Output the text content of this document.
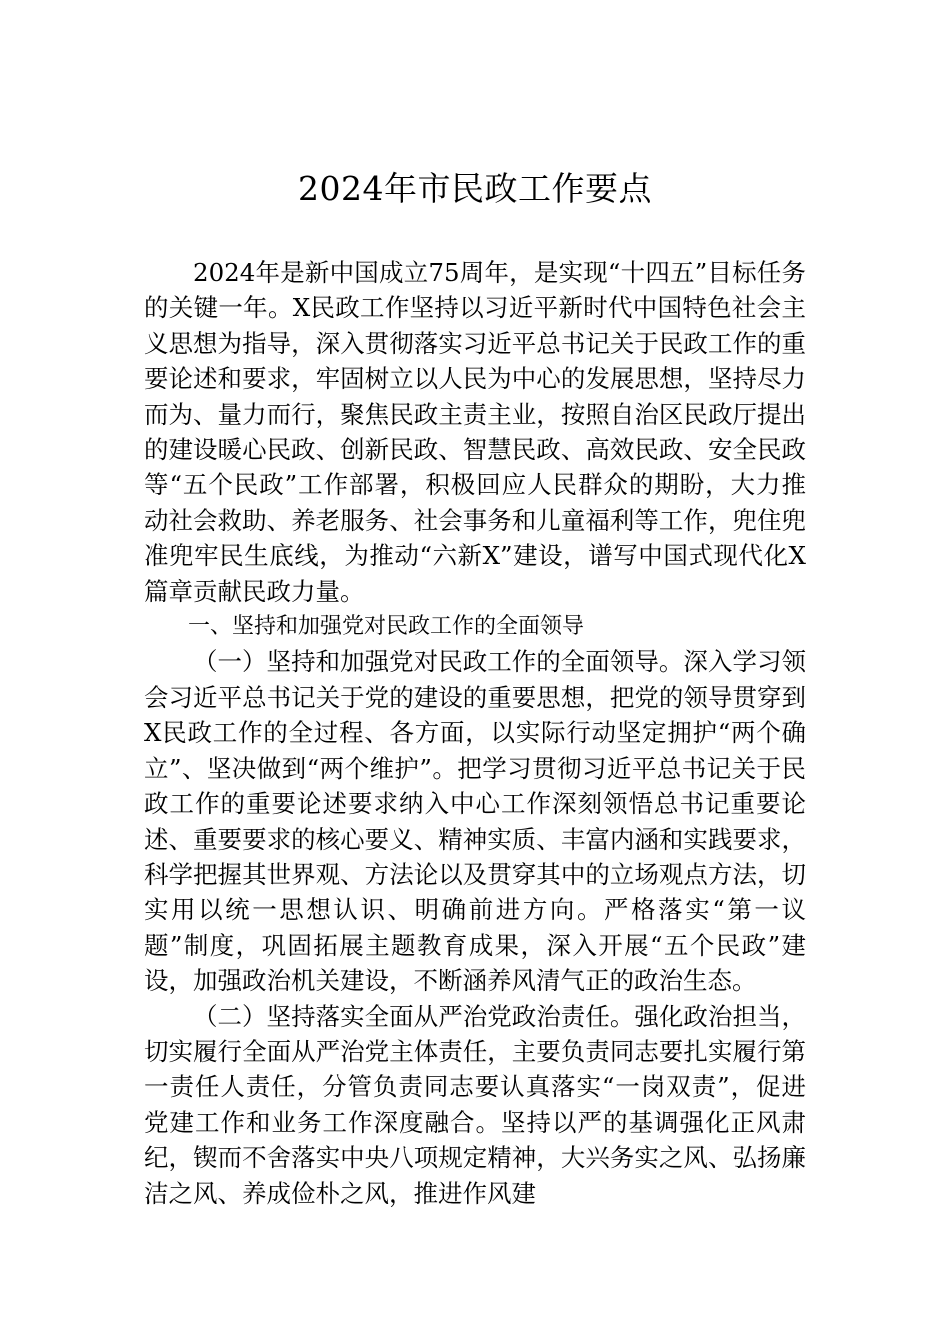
2024年市民政工作要点

2024年是新中国成立75周年，是实现“十四五”目标任务的关键一年。X民政工作坚持以习近平新时代中国特色社会主义思想为指导，深入贯彻落实习近平总书记关于民政工作的重要论述和要求，牢固树立以人民为中心的发展思想，坚持尽力而为、量力而行，聚焦民政主责主业，按照自治区民政厅提出的建设暖心民政、创新民政、智慧民政、高效民政、安全民政等“五个民政”工作部署，积极回应人民群众的期盼，大力推动社会救助、养老服务、社会事务和儿童福利等工作，兜住兜准兜牢民生底线，为推动“六新X”建设，谱写中国式现代化X篇章贡献民政力量。

一、坚持和加强党对民政工作的全面领导

（一）坚持和加强党对民政工作的全面领导。深入学习领会习近平总书记关于党的建设的重要思想，把党的领导贯穿到X民政工作的全过程、各方面，以实际行动坚定拥护“两个确立”、坚决做到“两个维护”。把学习贯彻习近平总书记关于民政工作的重要论述要求纳入中心工作深刻领悟总书记重要论述、重要要求的核心要义、精神实质、丰富内涵和实践要求，科学把握其世界观、方法论以及贯穿其中的立场观点方法，切实用以统一思想认识、明确前进方向。严格落实“第一议题”制度，巩固拓展主题教育成果，深入开展“五个民政”建设，加强政治机关建设，不断涵养风清气正的政治生态。

（二）坚持落实全面从严治党政治责任。强化政治担当，切实履行全面从严治党主体责任，主要负责同志要扎实履行第一责任人责任，分管负责同志要认真落实“一岗双责”，促进党建工作和业务工作深度融合。坚持以严的基调强化正风肃纪，锲而不舍落实中央八项规定精神，大兴务实之风、弘扬廉洁之风、养成俭朴之风，推进作风建
